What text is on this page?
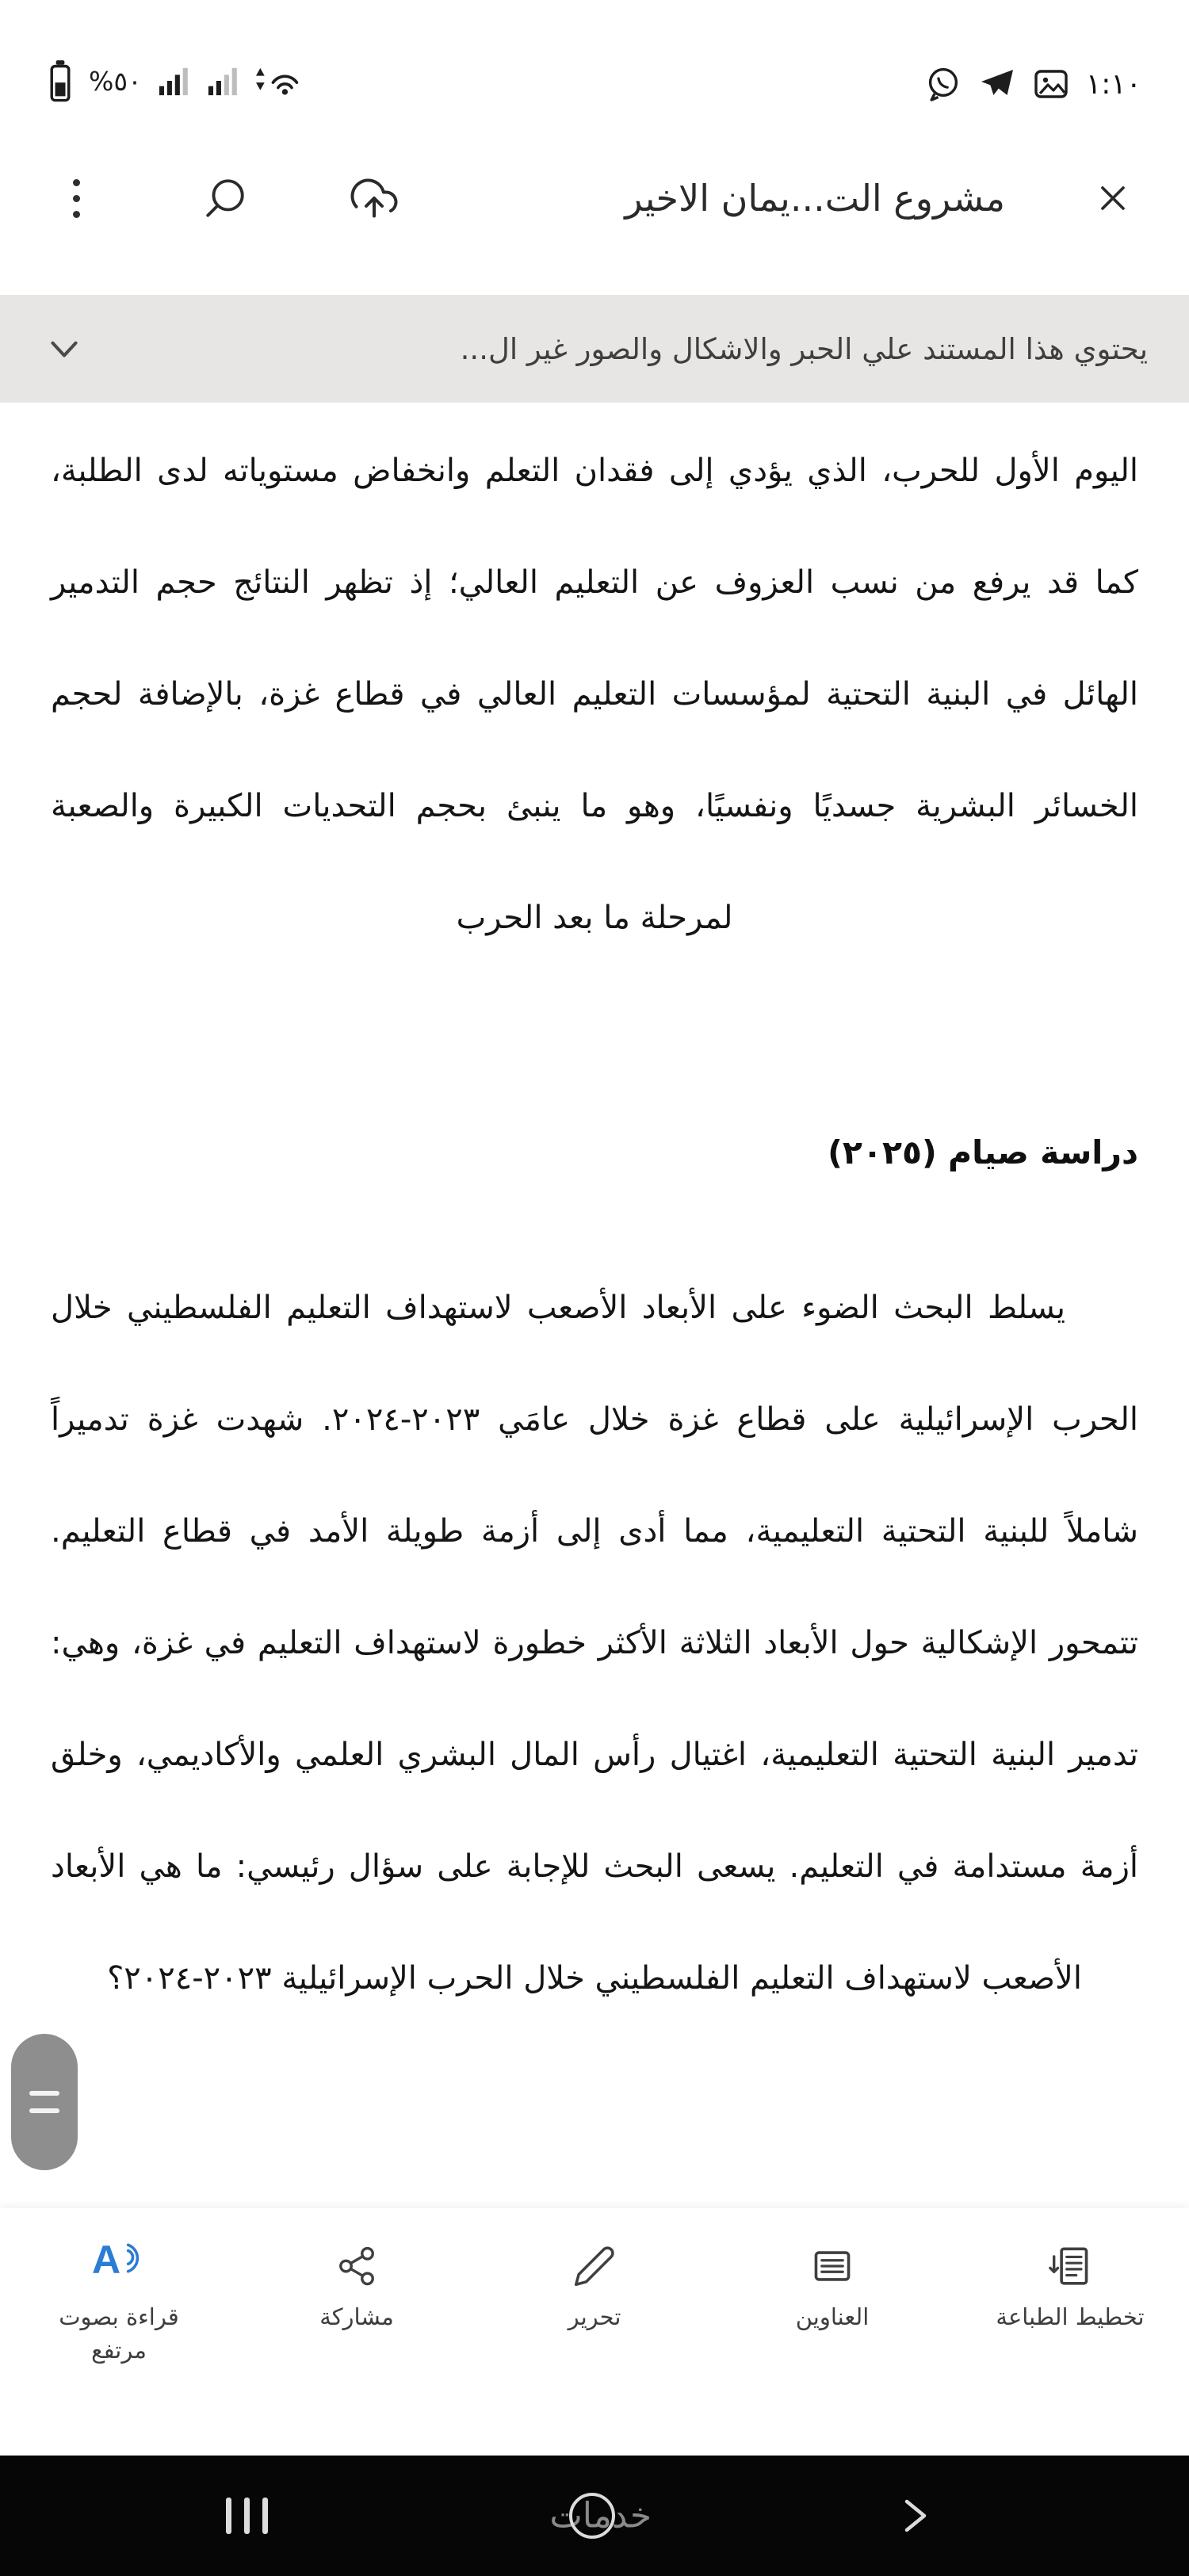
%٥٠	١:١٠
مشروع الت...يمان الاخير
يحتوي هذا المستند علي الحبر والاشكال والصور غير ال...

اليوم الأول للحرب، الذي يؤدي إلى فقدان التعلم وانخفاض مستوياته لدى الطلبة، كما قد يرفع من نسب العزوف عن التعليم العالي؛ إذ تظهر النتائج حجم التدمير الهائل في البنية التحتية لمؤسسات التعليم العالي في قطاع غزة، بالإضافة لحجم الخسائر البشرية جسديًا ونفسيًا، وهو ما ينبئ بحجم التحديات الكبيرة والصعبة لمرحلة ما بعد الحرب

دراسة صيام (٢٠٢٥)

يسلط البحث الضوء على الأبعاد الأصعب لاستهداف التعليم الفلسطيني خلال الحرب الإسرائيلية على قطاع غزة خلال عامَي ٢٠٢٣-٢٠٢٤. شهدت غزة تدميراً شاملاً للبنية التحتية التعليمية، مما أدى إلى أزمة طويلة الأمد في قطاع التعليم. تتمحور الإشكالية حول الأبعاد الثلاثة الأكثر خطورة لاستهداف التعليم في غزة، وهي: تدمير البنية التحتية التعليمية، اغتيال رأس المال البشري العلمي والأكاديمي، وخلق أزمة مستدامة في التعليم. يسعى البحث للإجابة على سؤال رئيسي: ما هي الأبعاد الأصعب لاستهداف التعليم الفلسطيني خلال الحرب الإسرائيلية ٢٠٢٣-٢٠٢٤؟

تخطيط الطباعة
العناوين
تحرير
مشاركة
A
قراءة بصوت مرتفع
خدمات
